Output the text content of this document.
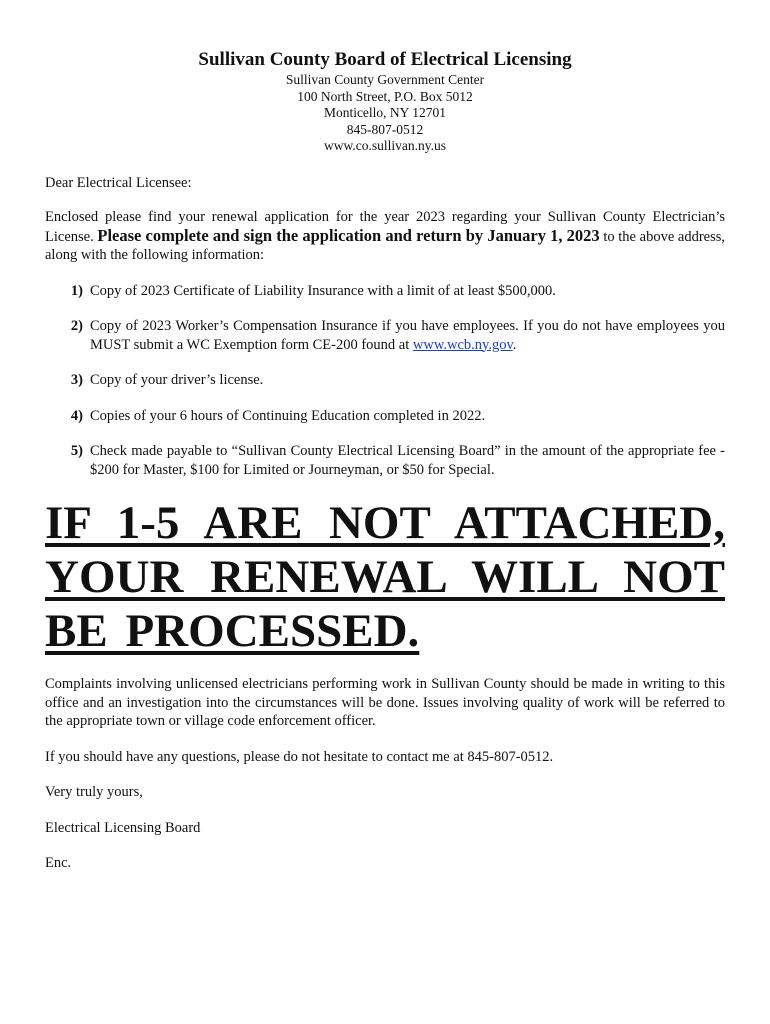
Sullivan County Board of Electrical Licensing

Sullivan County Government Center

100 North Street, P.O. Box 5012

Monticello, NY 12701

845-807-0512

www.co.sullivan.ny.us

Dear Electrical Licensee:

Enclosed please find your renewal application for the year 2023 regarding your Sullivan County Electrician’s License. Please complete and sign the application and return by January 1, 2023 to the above address, along with the following information:

1) Copy of 2023 Certificate of Liability Insurance with a limit of at least $500,000.
2) Copy of 2023 Worker’s Compensation Insurance if you have employees. If you do not have employees you MUST submit a WC Exemption form CE-200 found at www.wcb.ny.gov.
3) Copy of your driver’s license.
4) Copies of your 6 hours of Continuing Education completed in 2022.
5) Check made payable to “Sullivan County Electrical Licensing Board” in the amount of the appropriate fee - $200 for Master, $100 for Limited or Journeyman, or $50 for Special.
IF 1-5 ARE NOT ATTACHED, YOUR RENEWAL WILL NOT BE PROCESSED.

Complaints involving unlicensed electricians performing work in Sullivan County should be made in writing to this office and an investigation into the circumstances will be done. Issues involving quality of work will be referred to the appropriate town or village code enforcement officer.

If you should have any questions, please do not hesitate to contact me at 845-807-0512.

Very truly yours,

Electrical Licensing Board

Enc.
